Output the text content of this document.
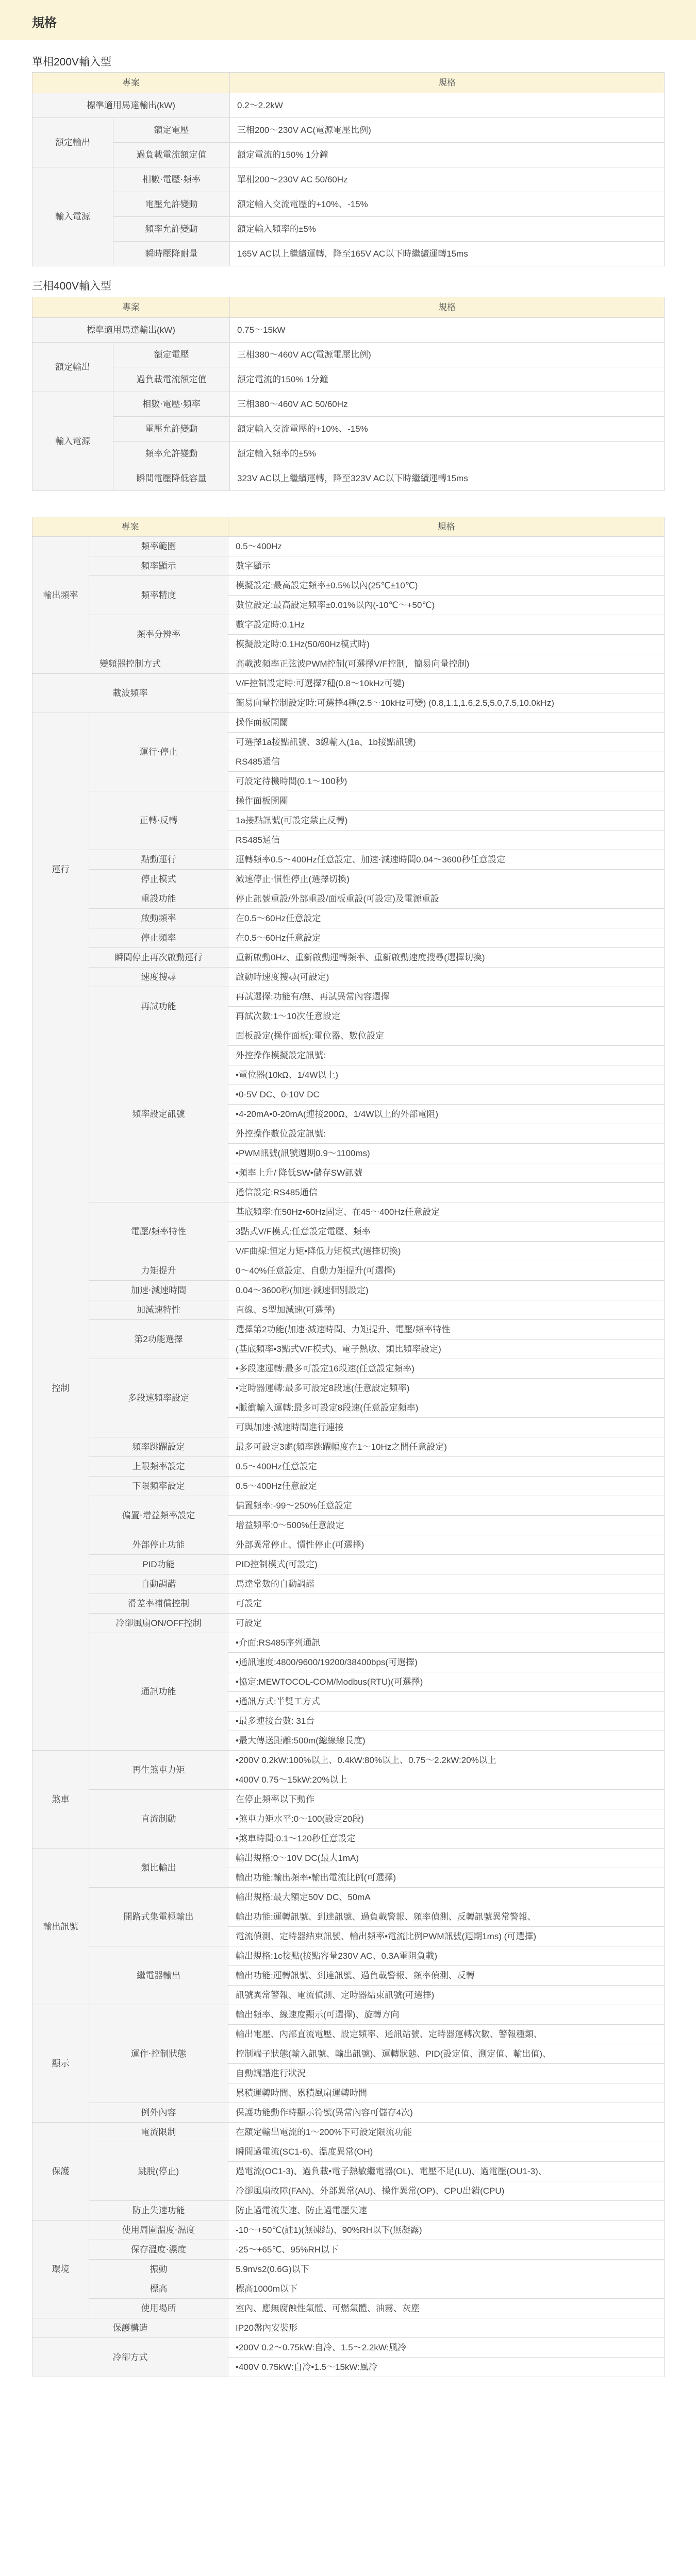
規格
單相200V輸入型
專案		規格
標準適用馬達輸出(kW)		0.2～2.2kW
額定輸出	額定電壓	三相200～230V AC(電源電壓比例)
	過負載電流額定值	額定電流的150% 1分鐘
輸入電源	相數‧電壓‧頻率	單相200～230V AC 50/60Hz
	電壓允許變動	額定輸入交流電壓的+10%、-15%
	頻率允許變動	額定輸入頻率的±5%
	瞬時壓降耐量	165V AC以上繼續運轉，降至165V AC以下時繼續運轉15ms
三相400V輸入型
專案		規格
標準適用馬達輸出(kW)		0.75～15kW
額定輸出	額定電壓	三相380～460V AC(電源電壓比例)
	過負載電流額定值	額定電流的150% 1分鐘
輸入電源	相數‧電壓‧頻率	三相380～460V AC 50/60Hz
	電壓允許變動	額定輸入交流電壓的+10%、-15%
	頻率允許變動	額定輸入頻率的±5%
	瞬間電壓降低容量	323V AC以上繼續運轉，降至323V AC以下時繼續運轉15ms
專案		規格
輸出頻率	頻率範圍	0.5～400Hz
	頻率顯示	數字顯示
	頻率精度	模擬設定:最高設定頻率±0.5%以內(25℃±10℃)
		數位設定:最高設定頻率±0.01%以內(-10℃～+50℃)
	頻率分辨率	數字設定時:0.1Hz
		模擬設定時:0.1Hz(50/60Hz模式時)
變頻器控制方式		高載波頻率正弦波PWM控制(可選擇V/F控制，簡易向量控制)
載波頻率		V/F控制設定時:可選擇7種(0.8～10kHz可變)
		簡易向量控制設定時:可選擇4種(2.5～10kHz可變) (0.8,1.1,1.6,2.5,5.0,7.5,10.0kHz)
運行	運行‧停止	操作面板開關
		可選擇1a接點訊號、3線輸入(1a、1b接點訊號)
		RS485通信
		可設定待機時間(0.1～100秒)
	正轉‧反轉	操作面板開關
		1a接點訊號(可設定禁止反轉)
		RS485通信
	點動運行	運轉頻率0.5～400Hz任意設定、加速‧減速時間0.04～3600秒任意設定
	停止模式	減速停止‧慣性停止(選擇切換)
	重設功能	停止訊號重設/外部重設/面板重設(可設定)及電源重設
	啟動頻率	在0.5～60Hz任意設定
	停止頻率	在0.5～60Hz任意設定
	瞬間停止再次啟動運行	重新啟動0Hz、重新啟動運轉頻率、重新啟動速度搜尋(選擇切換)
	速度搜尋	啟動時速度搜尋(可設定)
	再試功能	再試選擇:功能有/無、再試異常內容選擇
		再試次數:1～10次任意設定
控制	頻率設定訊號	面板設定(操作面板):電位器、數位設定
		外控操作模擬設定訊號:
		•電位器(10kΩ、1/4W以上)
		•0-5V DC、0-10V DC
		•4-20mA•0-20mA(連接200Ω、1/4W以上的外部電阻)
		外控操作數位設定訊號:
		•PWM訊號(訊號週期0.9～1100ms)
		•頻率上升/ 降低SW•儲存SW訊號
		通信設定:RS485通信
	電壓/頻率特性	基底頻率:在50Hz•60Hz固定、在45～400Hz任意設定
		3點式V/F模式:任意設定電壓、頻率
		V/F曲線:恒定力矩•降低力矩模式(選擇切換)
	力矩提升	0～40%任意設定、自動力矩提升(可選擇)
	加速‧減速時間	0.04～3600秒(加速‧減速個別設定)
	加減速特性	直線、S型加減速(可選擇)
	第2功能選擇	選擇第2功能(加速‧減速時間、力矩提升、電壓/頻率特性
		(基底頻率•3點式V/F模式)、電子熱敏、類比頻率設定)
	多段速頻率設定	•多段速運轉:最多可設定16段速(任意設定頻率)
		•定時器運轉:最多可設定8段速(任意設定頻率)
		•脈衝輸入運轉:最多可設定8段速(任意設定頻率)
		可與加速‧減速時間進行連接
	頻率跳躍設定	最多可設定3處(頻率跳躍幅度在1～10Hz之間任意設定)
	上限頻率設定	0.5～400Hz任意設定
	下限頻率設定	0.5～400Hz任意設定
	偏置‧增益頻率設定	偏置頻率:-99～250%任意設定
		增益頻率:0～500%任意設定
	外部停止功能	外部異常停止、慣性停止(可選擇)
	PID功能	PID控制模式(可設定)
	自動調諧	馬達常數的自動調諧
	滑差率補償控制	可設定
	冷卻風扇ON/OFF控制	可設定
	通訊功能	•介面:RS485序列通訊
		•通訊速度:4800/9600/19200/38400bps(可選擇)
		•協定:MEWTOCOL-COM/Modbus(RTU)(可選擇)
		•通訊方式:半雙工方式
		•最多連接台數: 31台
		•最大傳送距離:500m(總線線長度)
煞車	再生煞車力矩	•200V 0.2kW:100%以上、0.4kW:80%以上、0.75～2.2kW:20%以上
		•400V 0.75～15kW:20%以上
	直流制動	在停止頻率以下動作
		•煞車力矩水平:0～100(設定20段)
		•煞車時間:0.1～120秒任意設定
輸出訊號	類比輸出	輸出規格:0～10V DC(最大1mA)
		輸出功能:輸出頻率•輸出電流比例(可選擇)
	開路式集電極輸出	輸出規格:最大額定50V DC、50mA
		輸出功能:運轉訊號、到達訊號、過負載警報、頻率偵測、反轉訊號異常警報、
		電流偵測、定時器結束訊號、輸出頻率•電流比例PWM訊號(週期1ms) (可選擇)
	繼電器輸出	輸出規格:1c接點(接點容量230V AC、0.3A電阻負載)
		輸出功能:運轉訊號、到達訊號、過負載警報、頻率偵測、反轉
		訊號異常警報、電流偵測、定時器結束訊號(可選擇)
顯示	運作‧控制狀態	輸出頻率、線速度顯示(可選擇)、旋轉方向
		輸出電壓、內部直流電壓、設定頻率、通訊站號、定時器運轉次數、警報種類、
		控制端子狀態(輸入訊號、輸出訊號)、運轉狀態、PID(設定值、測定值、輸出值)、
		自動調諧進行狀況
		累積運轉時間、累積風扇運轉時間
	例外內容	保護功能動作時顯示符號(異常內容可儲存4次)
保護	電流限制	在額定輸出電流的1～200%下可設定限流功能
	跳脫(停止)	瞬間過電流(SC1-6)、溫度異常(OH)
		過電流(OC1-3)、過負載•電子熱敏繼電器(OL)、電壓不足(LU)、過電壓(OU1-3)、
		冷卻風扇故障(FAN)、外部異常(AU)、操作異常(OP)、CPU出錯(CPU)
	防止失速功能	防止過電流失速、防止過電壓失速
環境	使用周圍溫度‧濕度	-10～+50℃(註1)(無凍結)、90%RH以下(無凝露)
	保存溫度‧濕度	-25～+65℃、95%RH以下
	振動	5.9m/s2(0.6G)以下
	標高	標高1000m以下
	使用場所	室內、應無腐蝕性氣體、可燃氣體、油霧、灰塵
保護構造		IP20盤內安裝形
冷卻方式		•200V 0.2～0.75kW:自冷、1.5～2.2kW:風冷
		•400V 0.75kW:自冷•1.5～15kW:風冷
